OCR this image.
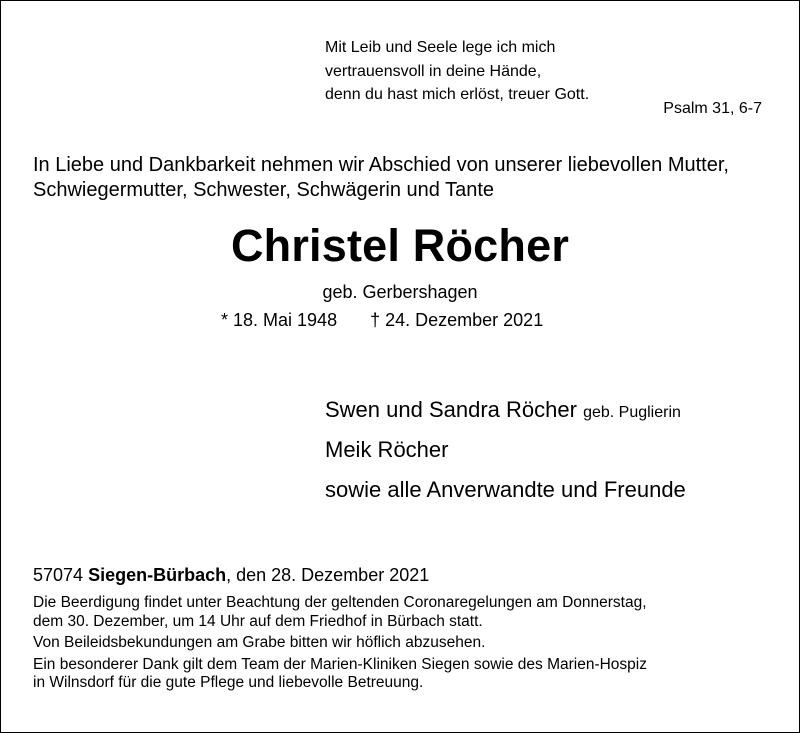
Mit Leib und Seele lege ich mich
vertrauensvoll in deine Hände,
denn du hast mich erlöst, treuer Gott.
Psalm 31, 6-7
In Liebe und Dankbarkeit nehmen wir Abschied von unserer liebevollen Mutter,
Schwiegermutter, Schwester, Schwägerin und Tante
Christel Röcher
geb. Gerbershagen
* 18. Mai 1948 † 24. Dezember 2021
Swen und Sandra Röcher geb. Puglierin
Meik Röcher
sowie alle Anverwandte und Freunde
57074 Siegen-Bürbach, den 28. Dezember 2021

Die Beerdigung findet unter Beachtung der geltenden Coronaregelungen am Donnerstag,
dem 30. Dezember, um 14 Uhr auf dem Friedhof in Bürbach statt.

Von Beileidsbekundungen am Grabe bitten wir höflich abzusehen.

Ein besonderer Dank gilt dem Team der Marien-Kliniken Siegen sowie des Marien-Hospiz
in Wilnsdorf für die gute Pflege und liebevolle Betreuung.
